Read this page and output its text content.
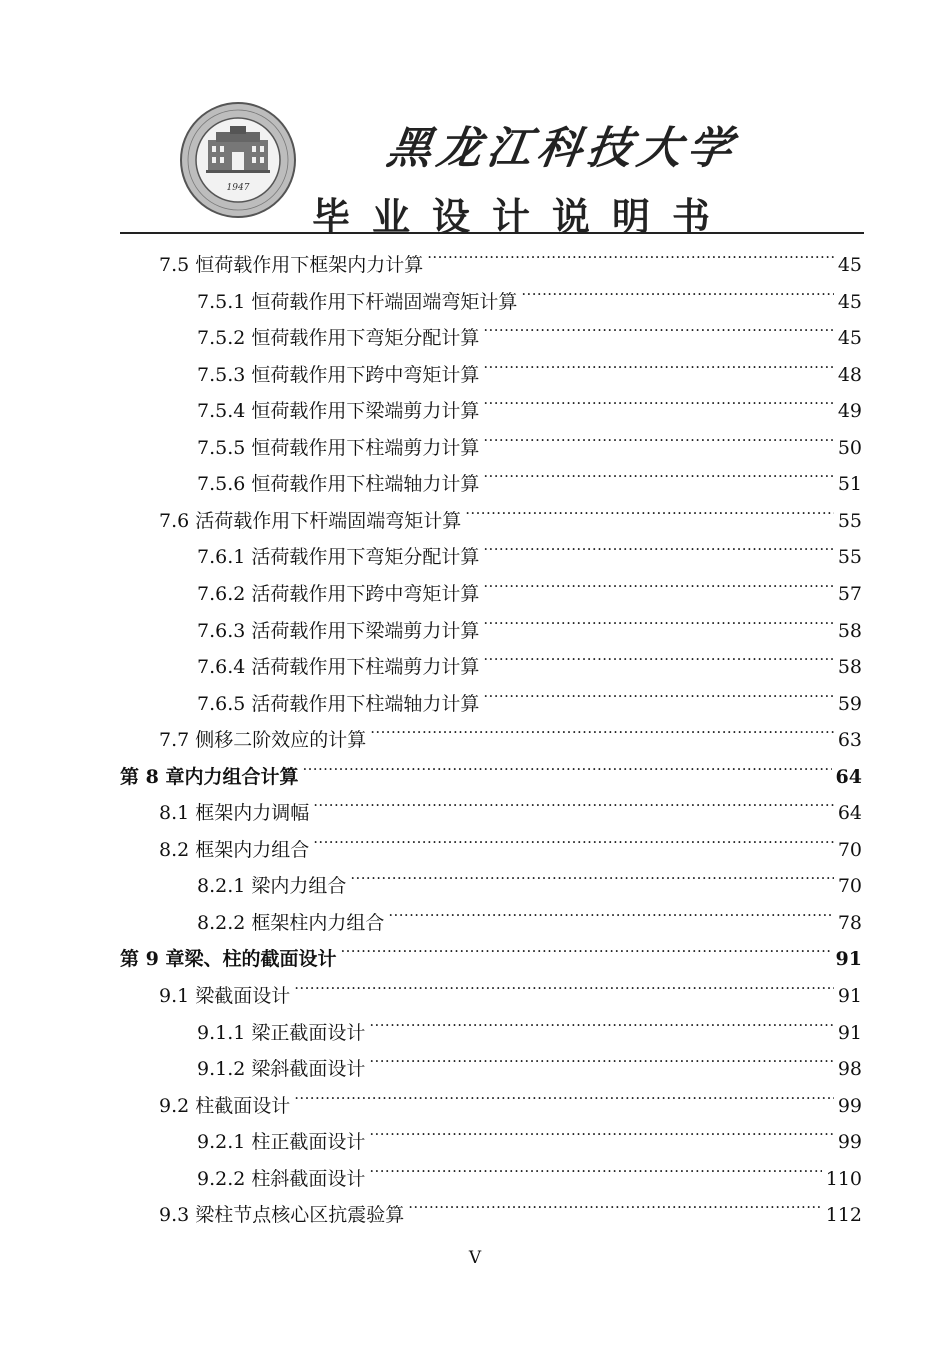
1947
黑龙江科技大学
毕业设计说明书
7.5 恒荷载作用下框架内力计算 .....	45
7.5.1 恒荷载作用下杆端固端弯矩计算 .....	45
7.5.2 恒荷载作用下弯矩分配计算 .....	45
7.5.3 恒荷载作用下跨中弯矩计算 .....	48
7.5.4 恒荷载作用下梁端剪力计算 .....	49
7.5.5 恒荷载作用下柱端剪力计算 .....	50
7.5.6 恒荷载作用下柱端轴力计算 .....	51
7.6 活荷载作用下杆端固端弯矩计算 .....	55
7.6.1 活荷载作用下弯矩分配计算 .....	55
7.6.2 活荷载作用下跨中弯矩计算 .....	57
7.6.3 活荷载作用下梁端剪力计算 .....	58
7.6.4 活荷载作用下柱端剪力计算 .....	58
7.6.5 活荷载作用下柱端轴力计算 .....	59
7.7 侧移二阶效应的计算 .....	63
第 8 章内力组合计算 .....	64
8.1 框架内力调幅 .....	64
8.2 框架内力组合 .....	70
8.2.1 梁内力组合 .....	70
8.2.2 框架柱内力组合 .....	78
第 9 章梁、柱的截面设计 .....	91
9.1 梁截面设计 .....	91
9.1.1 梁正截面设计 .....	91
9.1.2 梁斜截面设计 .....	98
9.2 柱截面设计 .....	99
9.2.1 柱正截面设计 .....	99
9.2.2 柱斜截面设计 .....	110
9.3 梁柱节点核心区抗震验算 .....	112
V
